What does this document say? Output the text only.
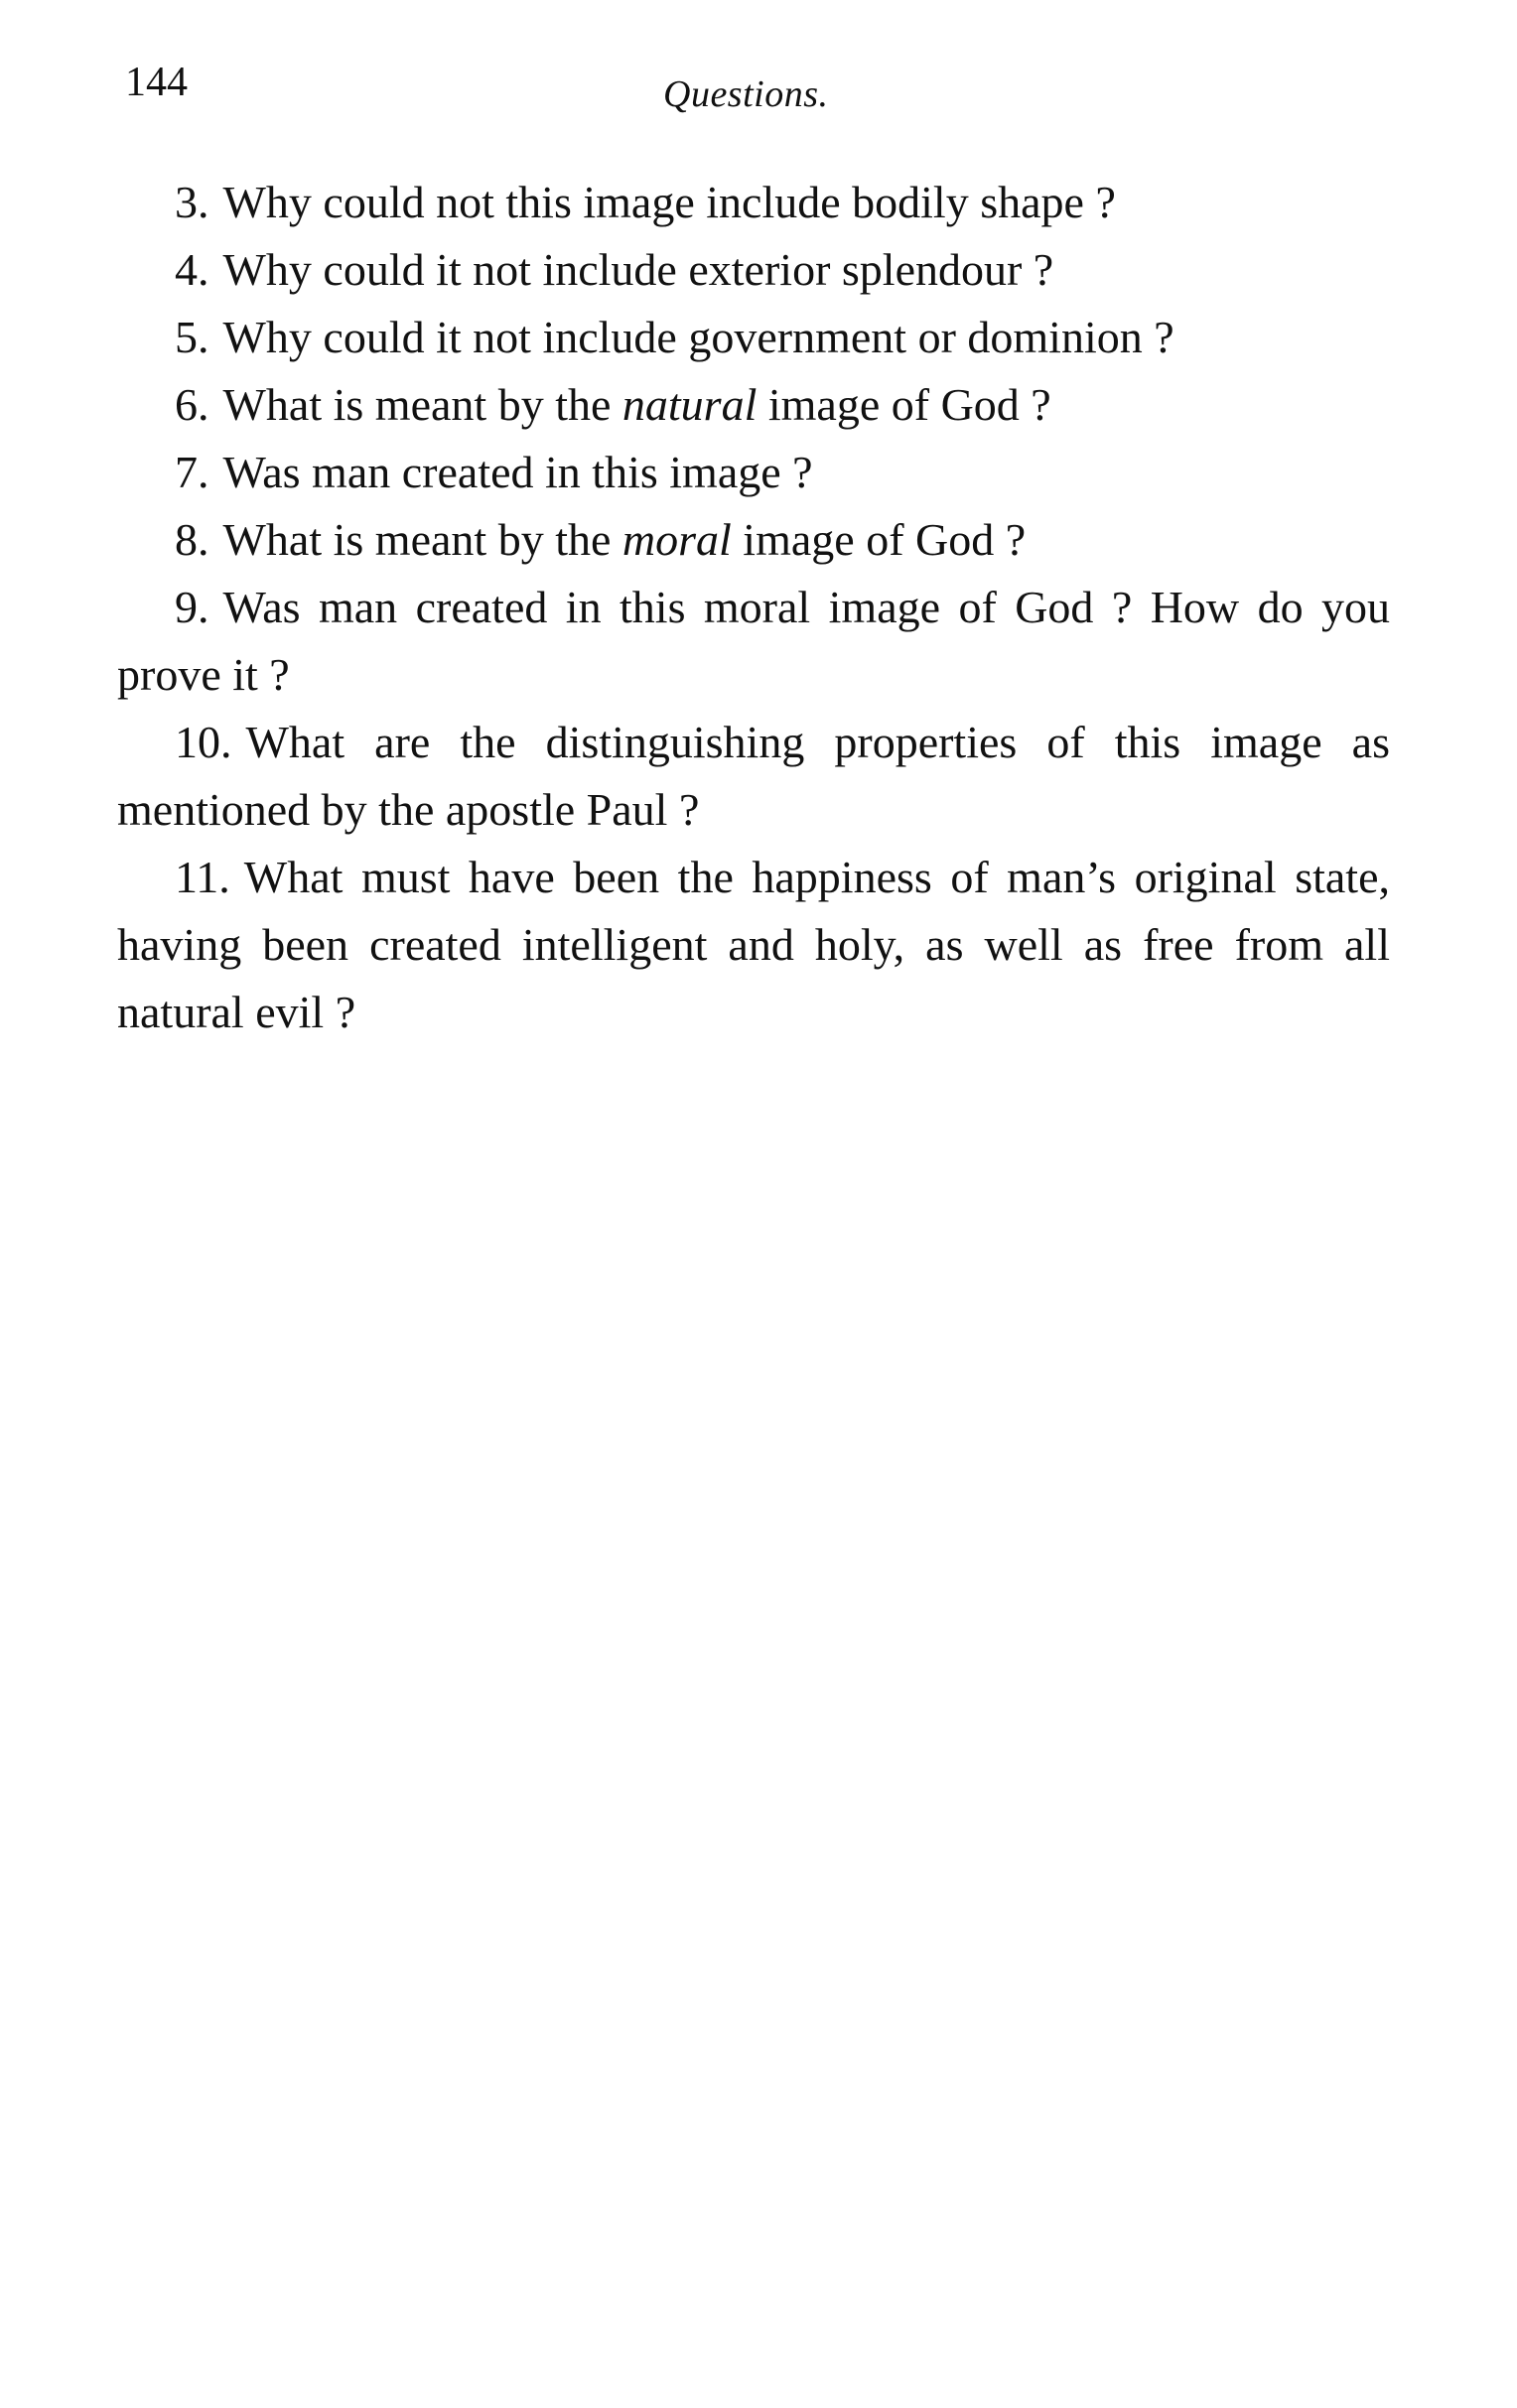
144	Questions.

3. Why could not this image include bodily shape ?

4. Why could it not include exterior splendour ?

5. Why could it not include government or dominion ?

6. What is meant by the natural image of God ?

7. Was man created in this image ?

8. What is meant by the moral image of God ?

9. Was man created in this moral image of God ? How do you prove it ?

10. What are the distinguishing properties of this image as mentioned by the apostle Paul ?

11. What must have been the happiness of man’s original state, having been created intelligent and holy, as well as free from all natural evil ?
